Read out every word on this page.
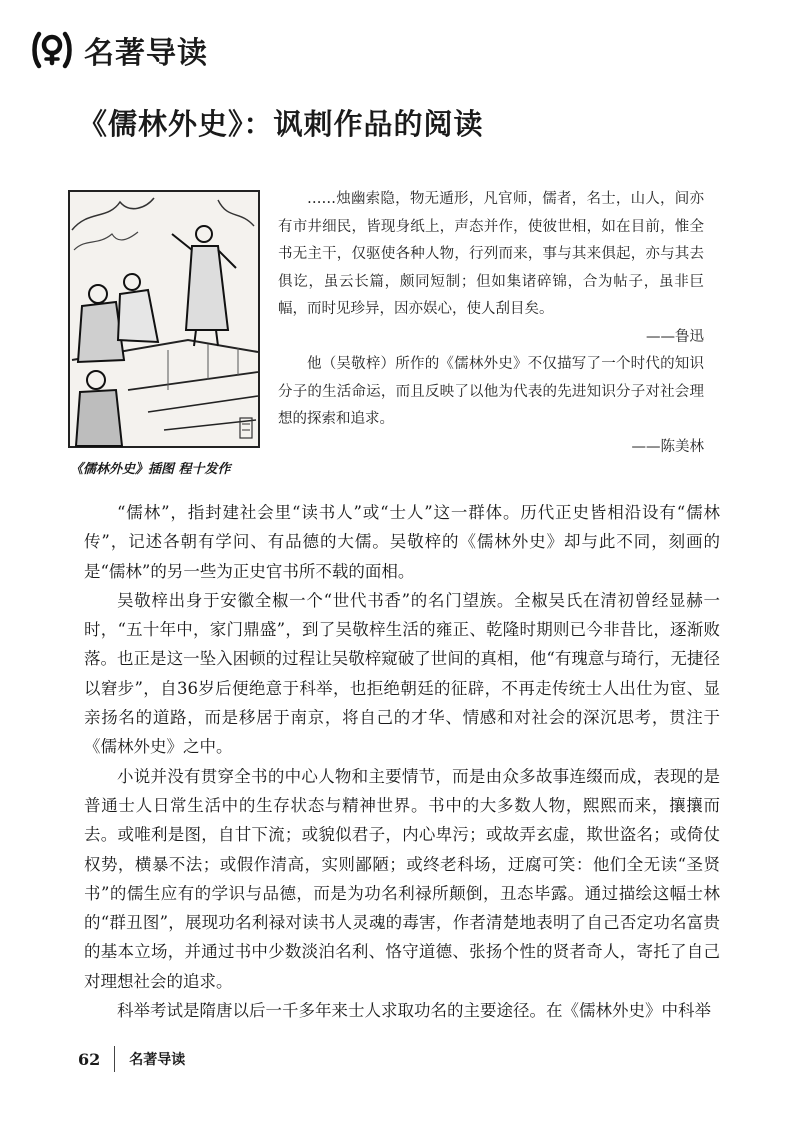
名著导读
《儒林外史》：讽刺作品的阅读
《儒林外史》插图 程十发作

……烛幽索隐，物无遁形，凡官师，儒者，名士，山人，间亦有市井细民，皆现身纸上，声态并作，使彼世相，如在目前，惟全书无主干，仅驱使各种人物，行列而来，事与其来俱起，亦与其去俱讫，虽云长篇，颇同短制；但如集诸碎锦，合为帖子，虽非巨幅，而时见珍异，因亦娱心，使人刮目矣。

——鲁迅

他（吴敬梓）所作的《儒林外史》不仅描写了一个时代的知识分子的生活命运，而且反映了以他为代表的先进知识分子对社会理想的探索和追求。

——陈美林

“儒林”，指封建社会里“读书人”或“士人”这一群体。历代正史皆相沿设有“儒林传”，记述各朝有学问、有品德的大儒。吴敬梓的《儒林外史》却与此不同，刻画的是“儒林”的另一些为正史官书所不载的面相。

吴敬梓出身于安徽全椒一个“世代书香”的名门望族。全椒吴氏在清初曾经显赫一时，“五十年中，家门鼎盛”，到了吴敬梓生活的雍正、乾隆时期则已今非昔比，逐渐败落。也正是这一坠入困顿的过程让吴敬梓窥破了世间的真相，他“有瑰意与琦行，无捷径以窘步”，自36岁后便绝意于科举，也拒绝朝廷的征辟，不再走传统士人出仕为宦、显亲扬名的道路，而是移居于南京，将自己的才华、情感和对社会的深沉思考，贯注于《儒林外史》之中。

小说并没有贯穿全书的中心人物和主要情节，而是由众多故事连缀而成，表现的是普通士人日常生活中的生存状态与精神世界。书中的大多数人物，熙熙而来，攘攘而去。或唯利是图，自甘下流；或貌似君子，内心卑污；或故弄玄虚，欺世盗名；或倚仗权势，横暴不法；或假作清高，实则鄙陋；或终老科场，迂腐可笑：他们全无读“圣贤书”的儒生应有的学识与品德，而是为功名利禄所颠倒，丑态毕露。通过描绘这幅士林的“群丑图”，展现功名利禄对读书人灵魂的毒害，作者清楚地表明了自己否定功名富贵的基本立场，并通过书中少数淡泊名利、恪守道德、张扬个性的贤者奇人，寄托了自己对理想社会的追求。

科举考试是隋唐以后一千多年来士人求取功名的主要途径。在《儒林外史》中科举

62 名著导读
